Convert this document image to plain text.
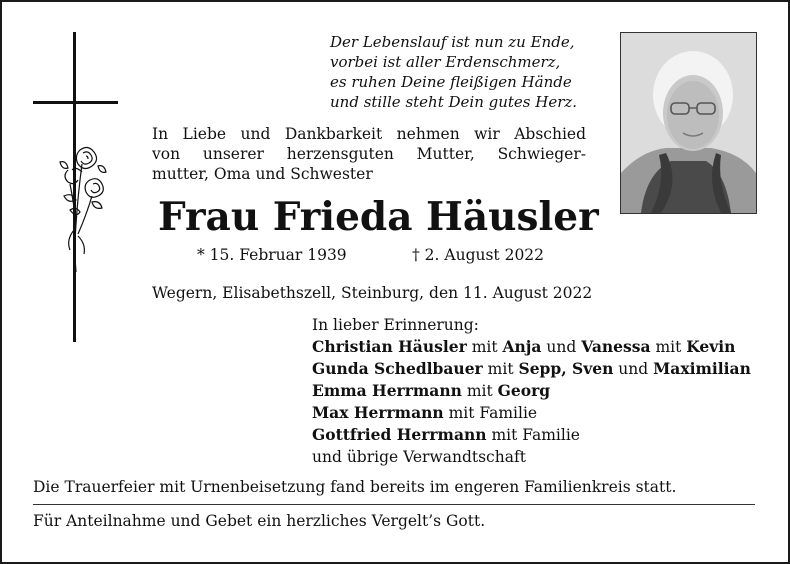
Der Lebenslauf ist nun zu Ende,
vorbei ist aller Erdenschmerz,
es ruhen Deine fleißigen Hände
und stille steht Dein gutes Herz.
In Liebe und Dankbarkeit nehmen wir Abschied
von unserer herzensguten Mutter, Schwieger-
mutter, Oma und Schwester
Frau Frieda Häusler
* 15. Februar 1939	† 2. August 2022
Wegern, Elisabethszell, Steinburg, den 11. August 2022
In lieber Erinnerung:
Christian Häusler mit Anja und Vanessa mit Kevin
Gunda Schedlbauer mit Sepp, Sven und Maximilian
Emma Herrmann mit Georg
Max Herrmann mit Familie
Gottfried Herrmann mit Familie
und übrige Verwandtschaft
Die Trauerfeier mit Urnenbeisetzung fand bereits im engeren Familienkreis statt.
Für Anteilnahme und Gebet ein herzliches Vergelt’s Gott.
